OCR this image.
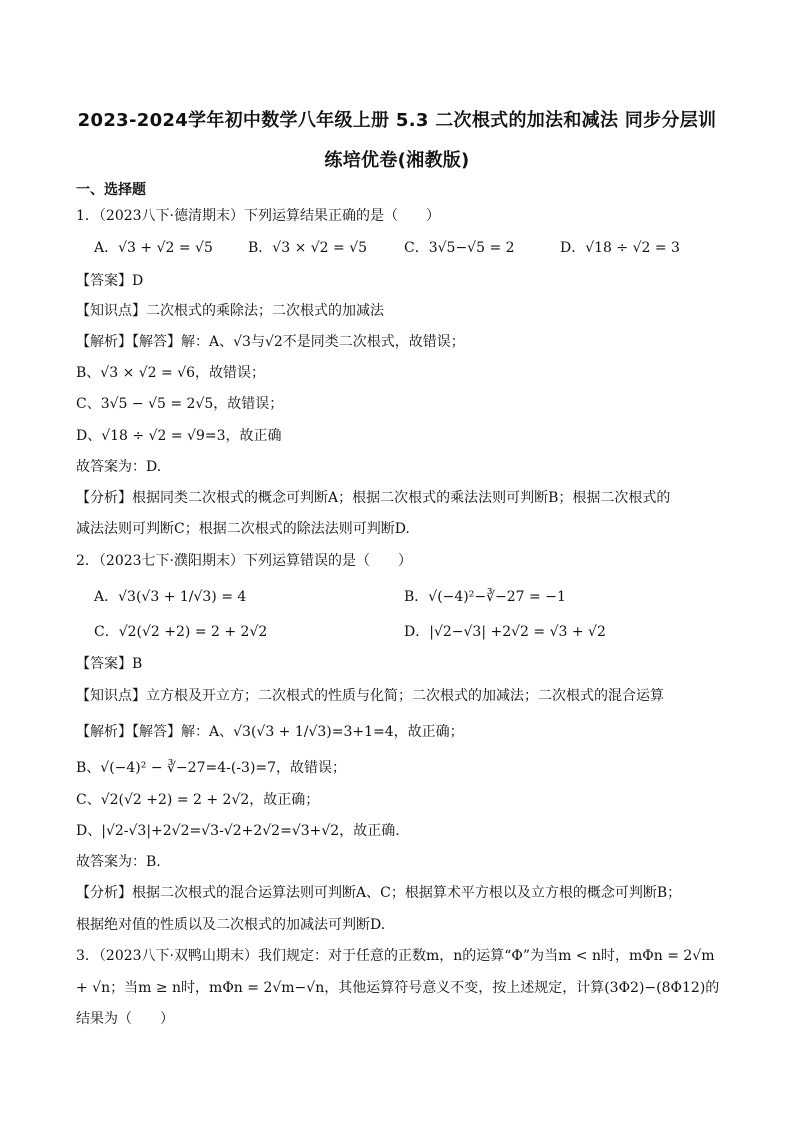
2023-2024学年初中数学八年级上册 5.3 二次根式的加法和减法 同步分层训
练培优卷(湘教版)
一、选择题
1．（2023八下·德清期末）下列运算结果正确的是（　　）
A．√3 + √2 = √5	B．√3 × √2 = √5	C．3√5−√5 = 2	D．√18 ÷ √2 = 3
【答案】D
【知识点】二次根式的乘除法；二次根式的加减法
【解析】【解答】解：A、√3与√2不是同类二次根式，故错误；
B、√3 × √2 = √6，故错误；
C、3√5 − √5 = 2√5，故错误；
D、√18 ÷ √2 = √9=3，故正确
故答案为：D.
【分析】根据同类二次根式的概念可判断A；根据二次根式的乘法法则可判断B；根据二次根式的
减法法则可判断C；根据二次根式的除法法则可判断D.
2．（2023七下·濮阳期末）下列运算错误的是（　　）
A．√3(√3 + 1/√3) = 4	B．√(−4)²−∛−27 = −1
C．√2(√2 +2) = 2 + 2√2	D．|√2−√3| +2√2 = √3 + √2
【答案】B
【知识点】立方根及开立方；二次根式的性质与化简；二次根式的加减法；二次根式的混合运算
【解析】【解答】解：A、√3(√3 + 1/√3)=3+1=4，故正确；
B、√(−4)² − ∛−27=4-(-3)=7，故错误；
C、√2(√2 +2) = 2 + 2√2，故正确；
D、|√2-√3|+2√2=√3-√2+2√2=√3+√2，故正确.
故答案为：B.
【分析】根据二次根式的混合运算法则可判断A、C；根据算术平方根以及立方根的概念可判断B；
根据绝对值的性质以及二次根式的加减法可判断D.
3．（2023八下·双鸭山期末）我们规定：对于任意的正数m，n的运算“Φ”为当m < n时，mΦn = 2√m
+ √n；当m ≥ n时，mΦn = 2√m−√n，其他运算符号意义不变，按上述规定，计算(3Φ2)−(8Φ12)的
结果为（　　）
